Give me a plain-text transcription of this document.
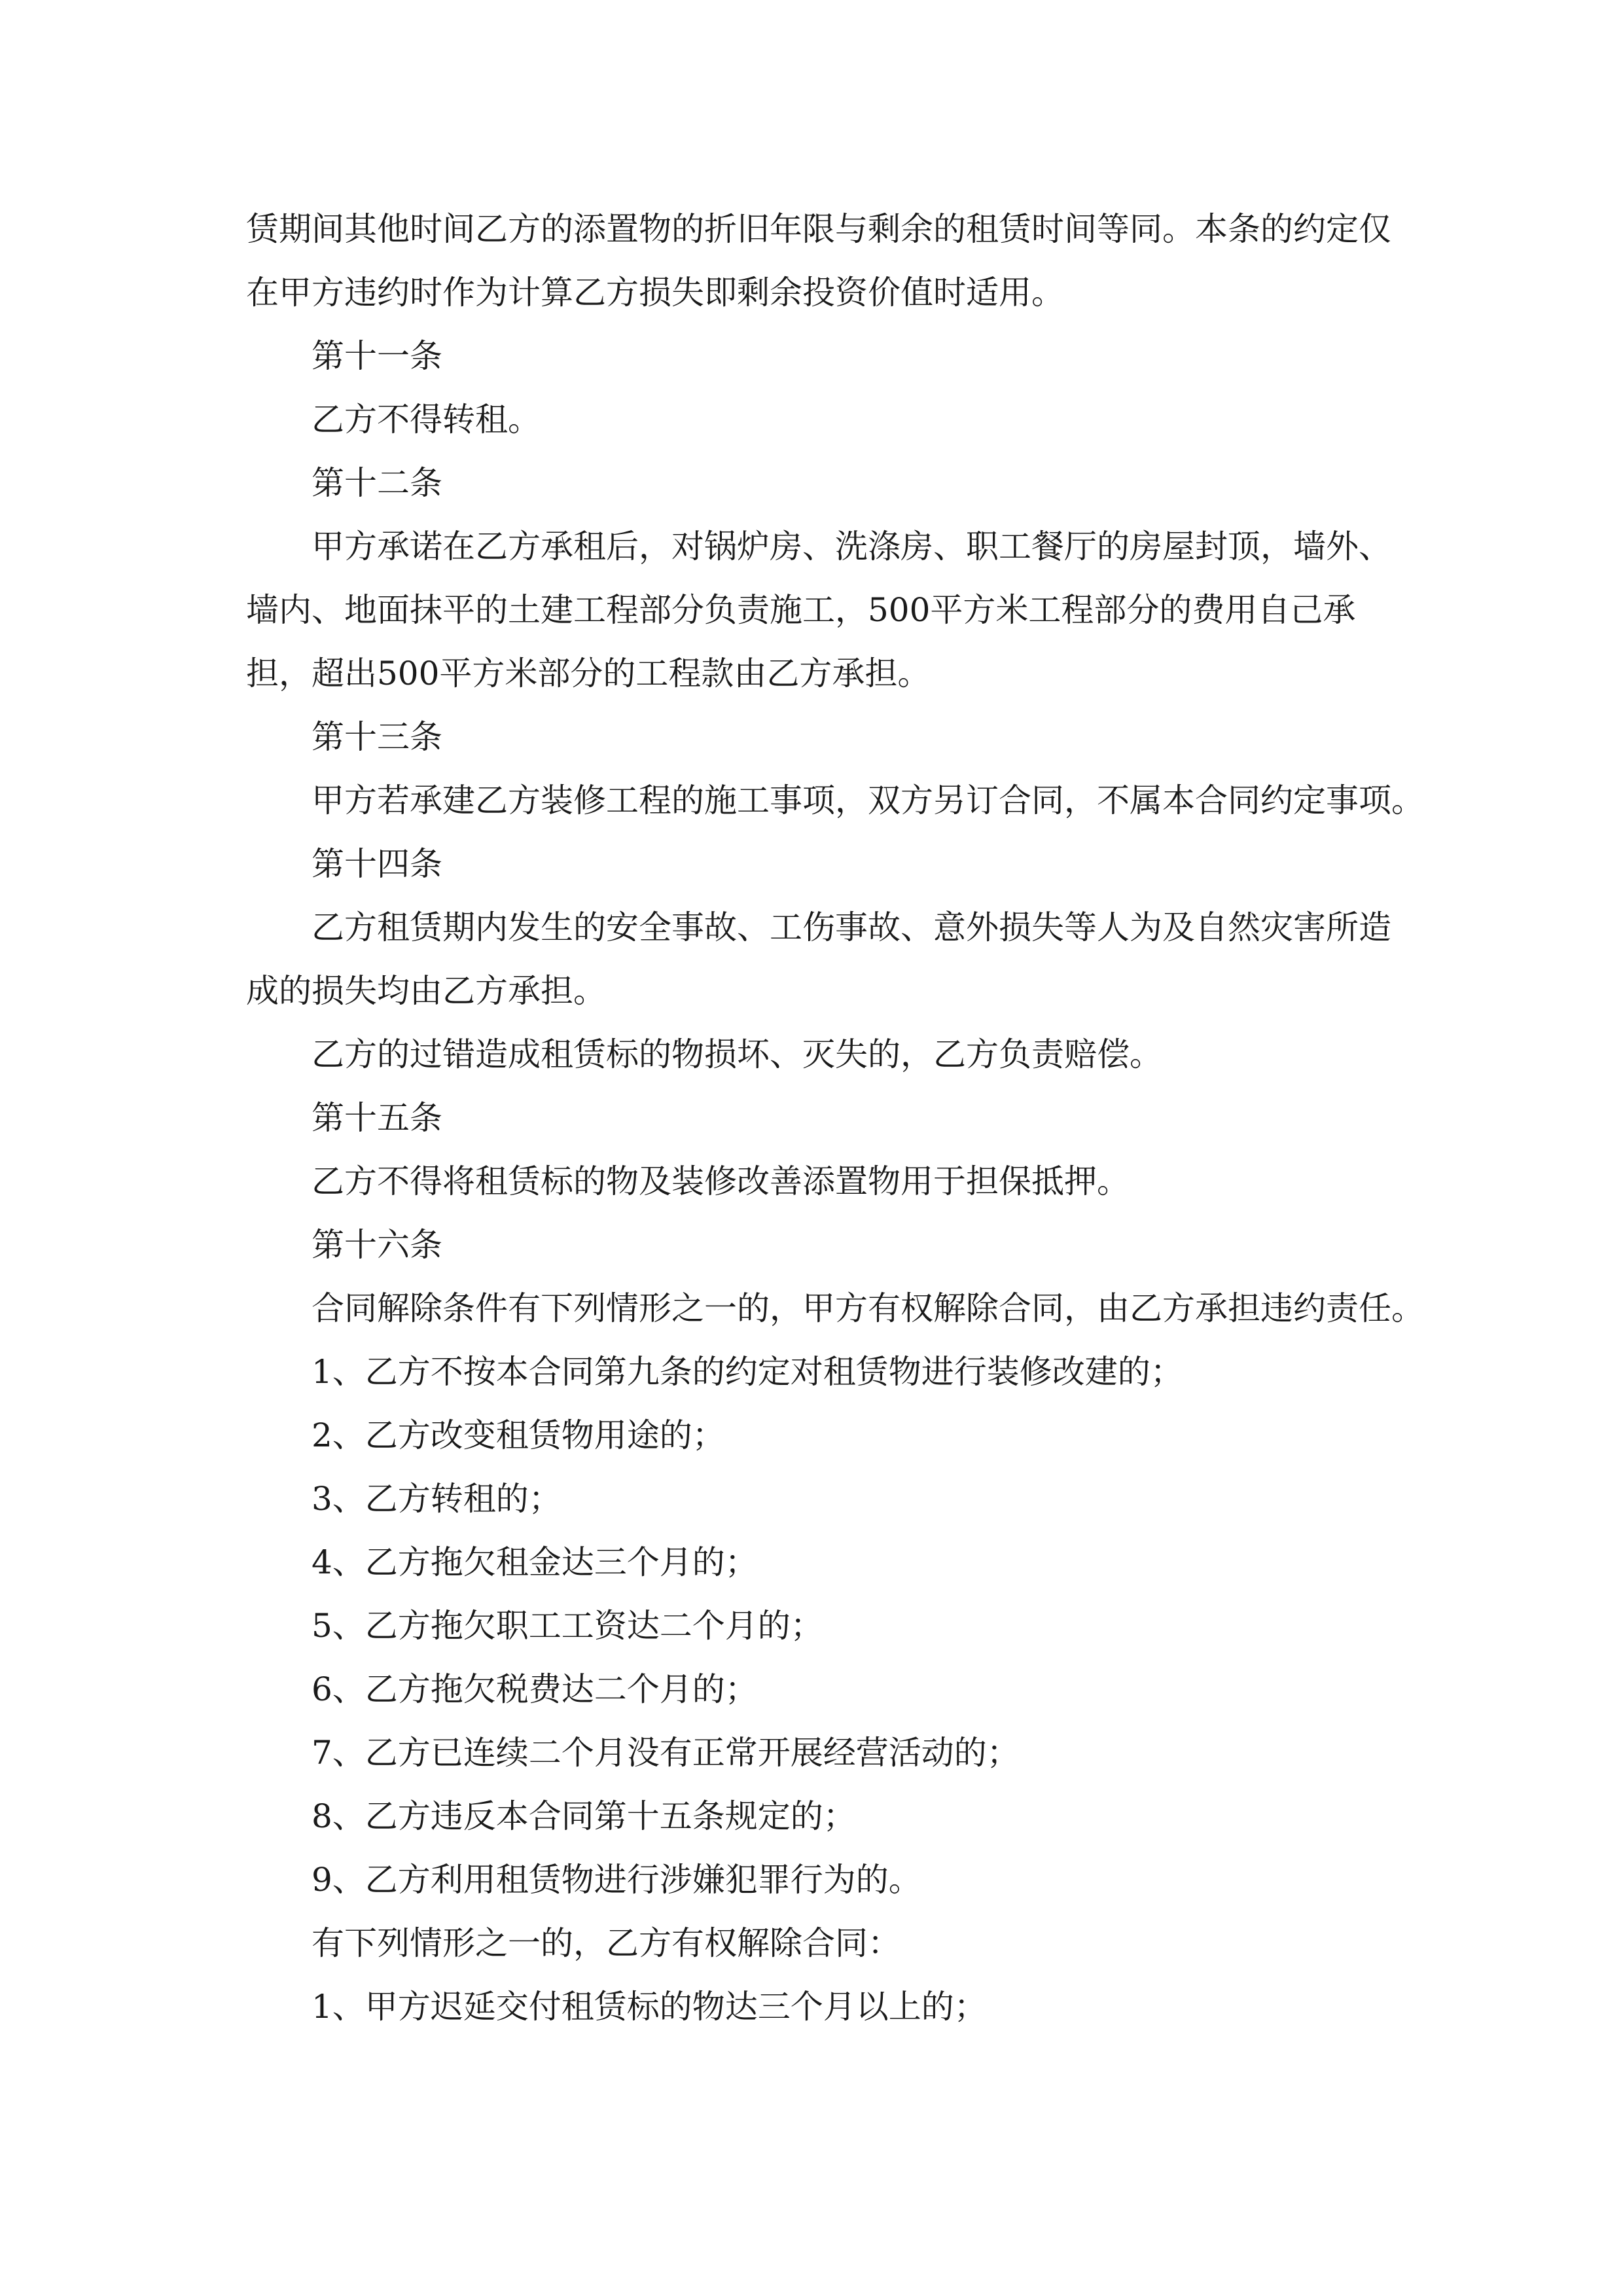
赁期间其他时间乙方的添置物的折旧年限与剩余的租赁时间等同。本条的约定仅在甲方违约时作为计算乙方损失即剩余投资价值时适用。

第十一条

乙方不得转租。

第十二条

甲方承诺在乙方承租后，对锅炉房、洗涤房、职工餐厅的房屋封顶，墙外、墙内、地面抹平的土建工程部分负责施工，500平方米工程部分的费用自己承担，超出500平方米部分的工程款由乙方承担。

第十三条

甲方若承建乙方装修工程的施工事项，双方另订合同，不属本合同约定事项。

第十四条

乙方租赁期内发生的安全事故、工伤事故、意外损失等人为及自然灾害所造成的损失均由乙方承担。

乙方的过错造成租赁标的物损坏、灭失的，乙方负责赔偿。

第十五条

乙方不得将租赁标的物及装修改善添置物用于担保抵押。

第十六条

合同解除条件有下列情形之一的，甲方有权解除合同，由乙方承担违约责任。

1、乙方不按本合同第九条的约定对租赁物进行装修改建的；

2、乙方改变租赁物用途的；

3、乙方转租的；

4、乙方拖欠租金达三个月的；

5、乙方拖欠职工工资达二个月的；

6、乙方拖欠税费达二个月的；

7、乙方已连续二个月没有正常开展经营活动的；

8、乙方违反本合同第十五条规定的；

9、乙方利用租赁物进行涉嫌犯罪行为的。

有下列情形之一的，乙方有权解除合同：

1、甲方迟延交付租赁标的物达三个月以上的；
